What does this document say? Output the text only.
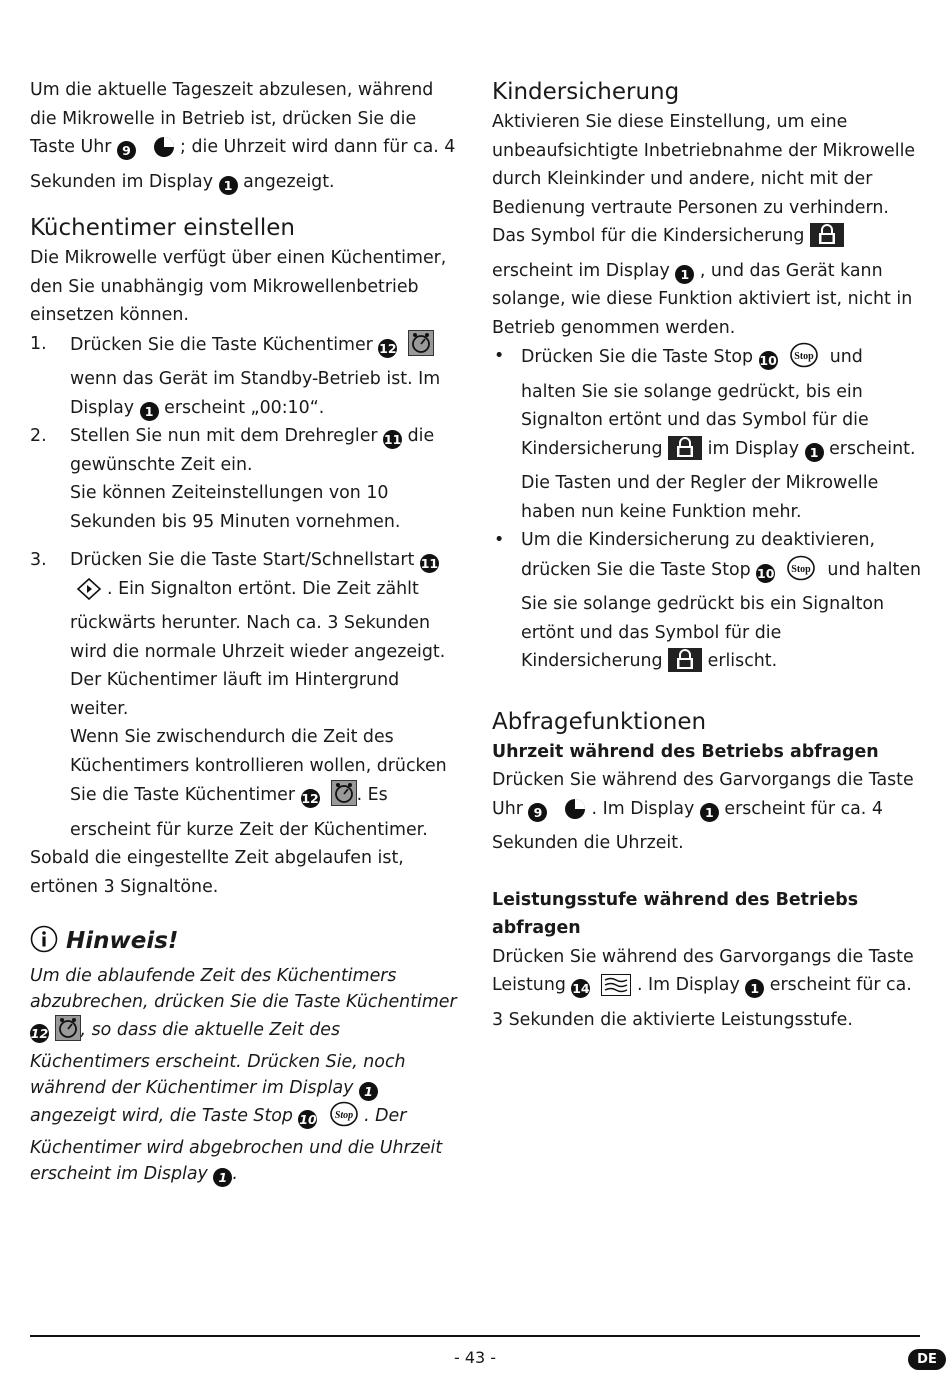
Um die aktuelle Tageszeit abzulesen, während die Mikrowelle in Betrieb ist, drücken Sie die Taste Uhr 9	; die Uhrzeit wird dann für ca. 4 Sekunden im Display 1 angezeigt.

Küchentimer einstellen

Die Mikrowelle verfügt über einen Küchentimer, den Sie unabhängig vom Mikrowellenbetrieb einsetzen können.

1.	Drücken Sie die Taste Küchentimer 12   wenn das Gerät im Standby-Betrieb ist. Im Display 1 erscheint „00:10“.

2.	Stellen Sie nun mit dem Drehregler 11 die gewünschte Zeit ein.

Sie können Zeiteinstellungen von 10 Sekunden bis 95 Minuten vornehmen.

3.	Drücken Sie die Taste Start/Schnellstart 11
. Ein Signalton ertönt. Die Zeit zählt rückwärts herunter. Nach ca. 3 Sekunden wird die normale Uhrzeit wieder angezeigt. Der Küchentimer läuft im Hintergrund weiter.

Wenn Sie zwischendurch die Zeit des Küchentimers kontrollieren wollen, drücken Sie die Taste Küchentimer 12 . Es erscheint für kurze Zeit der Küchentimer.

Sobald die eingestellte Zeit abgelaufen ist, ertönen 3 Signaltöne.

Hinweis!

Um die ablaufende Zeit des Küchentimers abzubrechen, drücken Sie die Taste Küchentimer 12 , so dass die aktuelle Zeit des Küchentimers erscheint. Drücken Sie, noch während der Küchentimer im Display 1 angezeigt wird, die Taste Stop 10 Stop . Der Küchentimer wird abgebrochen und die Uhrzeit erscheint im Display 1 .

Kindersicherung

Aktivieren Sie diese Einstellung, um eine unbeaufsichtigte Inbetriebnahme der Mikrowelle durch Kleinkinder und andere, nicht mit der Bedienung vertraute Personen zu verhindern.

Das Symbol für die Kindersicherung  erscheint im Display 1 , und das Gerät kann solange, wie diese Funktion aktiviert ist, nicht in Betrieb genommen werden.

• Drücken Sie die Taste Stop 10 Stop und halten Sie sie solange gedrückt, bis ein Signalton ertönt und das Symbol für die Kindersicherung  im Display 1 erscheint. Die Tasten und der Regler der Mikrowelle haben nun keine Funktion mehr.

• Um die Kindersicherung zu deaktivieren, drücken Sie die Taste Stop 10 Stop und halten Sie sie solange gedrückt bis ein Signalton ertönt und das Symbol für die Kindersicherung  erlischt.

Abfragefunktionen
Uhrzeit während des Betriebs abfragen

Drücken Sie während des Garvorgangs die Taste Uhr 9	. Im Display 1 erscheint für ca. 4 Sekunden die Uhrzeit.

Leistungsstufe während des Betriebs abfragen

Drücken Sie während des Garvorgangs die Taste Leistung 14   . Im Display 1 erscheint für ca. 3 Sekunden die aktivierte Leistungsstufe.

- 43 -	DE
